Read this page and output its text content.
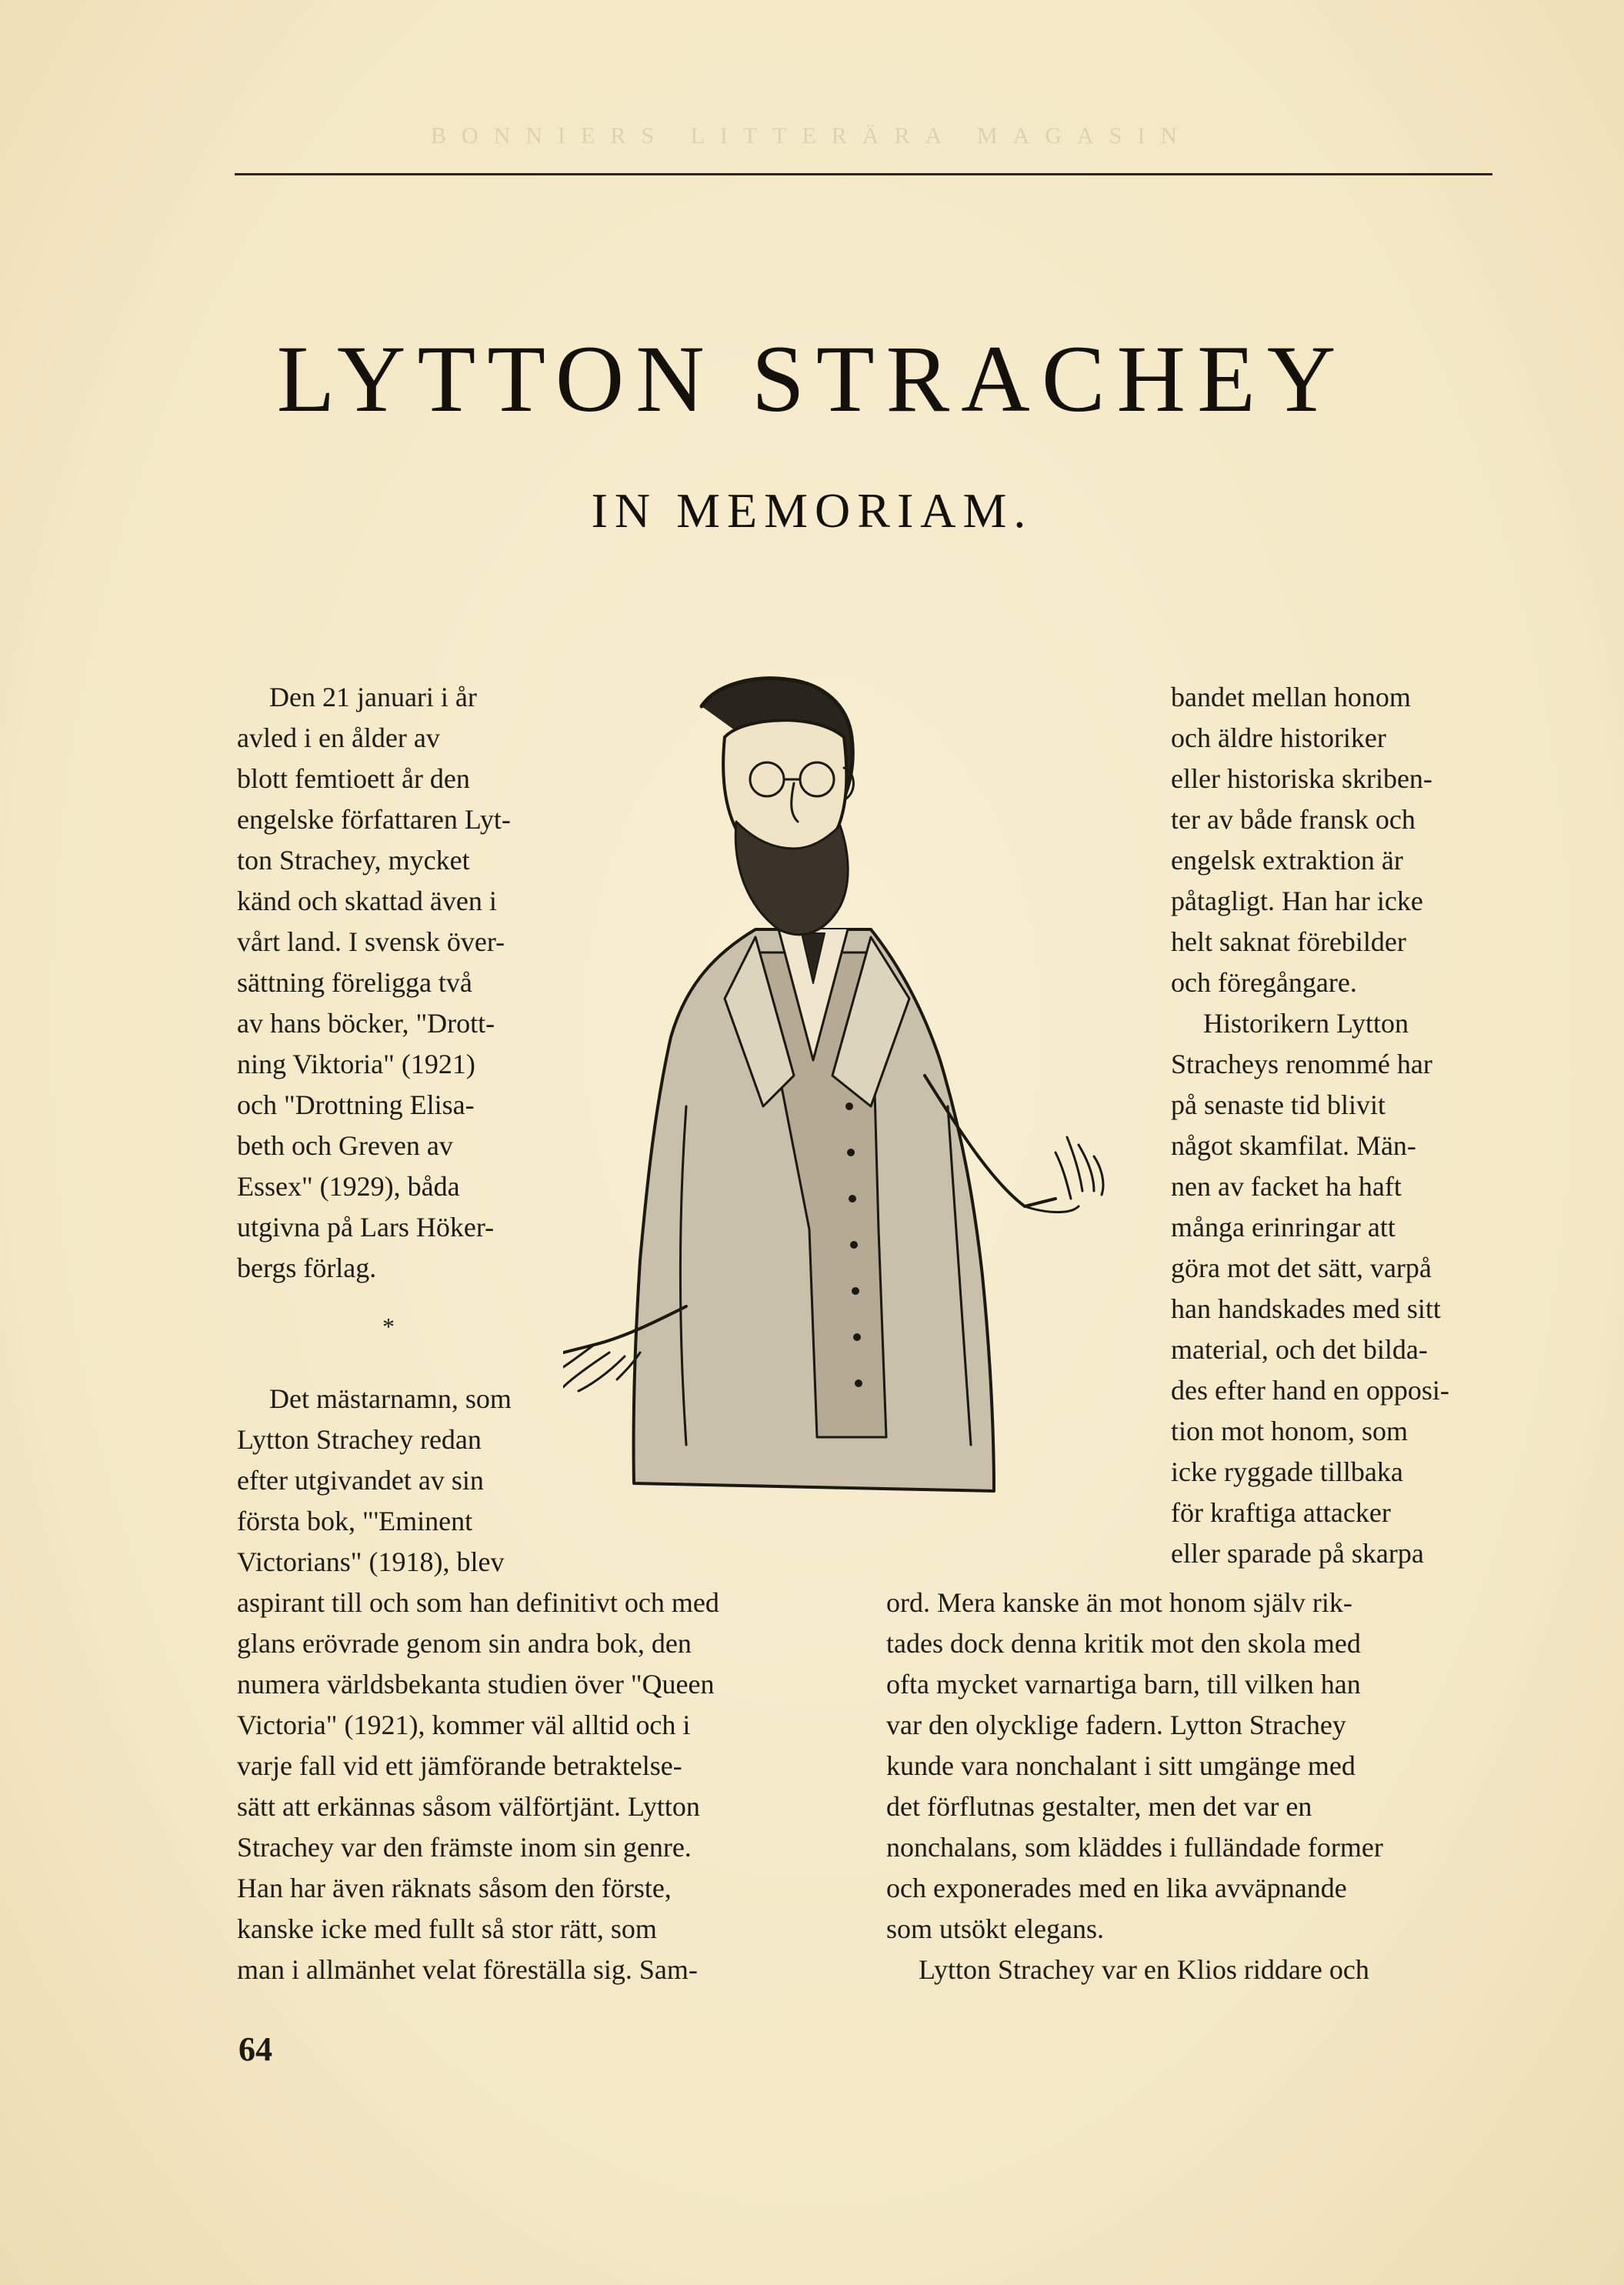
BONNIERS LITTERÄRA MAGASIN
LYTTON STRACHEY
IN MEMORIAM.
Den 21 januari i år
avled i en ålder av
blott femtioett år den
engelske författaren Lyt-
ton Strachey, mycket
känd och skattad även i
vårt land. I svensk över-
sättning föreligga två
av hans böcker, "Drott-
ning Viktoria" (1921)
och "Drottning Elisa-
beth och Greven av
Essex" (1929), båda
utgivna på Lars Höker-
bergs förlag.
*
Det mästarnamn, som
Lytton Strachey redan
efter utgivandet av sin
första bok, "'Eminent
Victorians" (1918), blev
aspirant till och som han definitivt och med
glans erövrade genom sin andra bok, den
numera världsbekanta studien över "Queen
Victoria" (1921), kommer väl alltid och i
varje fall vid ett jämförande betraktelse-
sätt att erkännas såsom välförtjänt. Lytton
Strachey var den främste inom sin genre.
Han har även räknats såsom den förste,
kanske icke med fullt så stor rätt, som
man i allmänhet velat föreställa sig. Sam-
bandet mellan honom
och äldre historiker
eller historiska skriben-
ter av både fransk och
engelsk extraktion är
påtagligt. Han har icke
helt saknat förebilder
och föregångare.
Historikern Lytton
Stracheys renommé har
på senaste tid blivit
något skamfilat. Män-
nen av facket ha haft
många erinringar att
göra mot det sätt, varpå
han handskades med sitt
material, och det bilda-
des efter hand en opposi-
tion mot honom, som
icke ryggade tillbaka
för kraftiga attacker
eller sparade på skarpa
ord. Mera kanske än mot honom själv rik-
tades dock denna kritik mot den skola med
ofta mycket varnartiga barn, till vilken han
var den olycklige fadern. Lytton Strachey
kunde vara nonchalant i sitt umgänge med
det förflutnas gestalter, men det var en
nonchalans, som kläddes i fulländade former
och exponerades med en lika avväpnande
som utsökt elegans.
Lytton Strachey var en Klios riddare och
64
